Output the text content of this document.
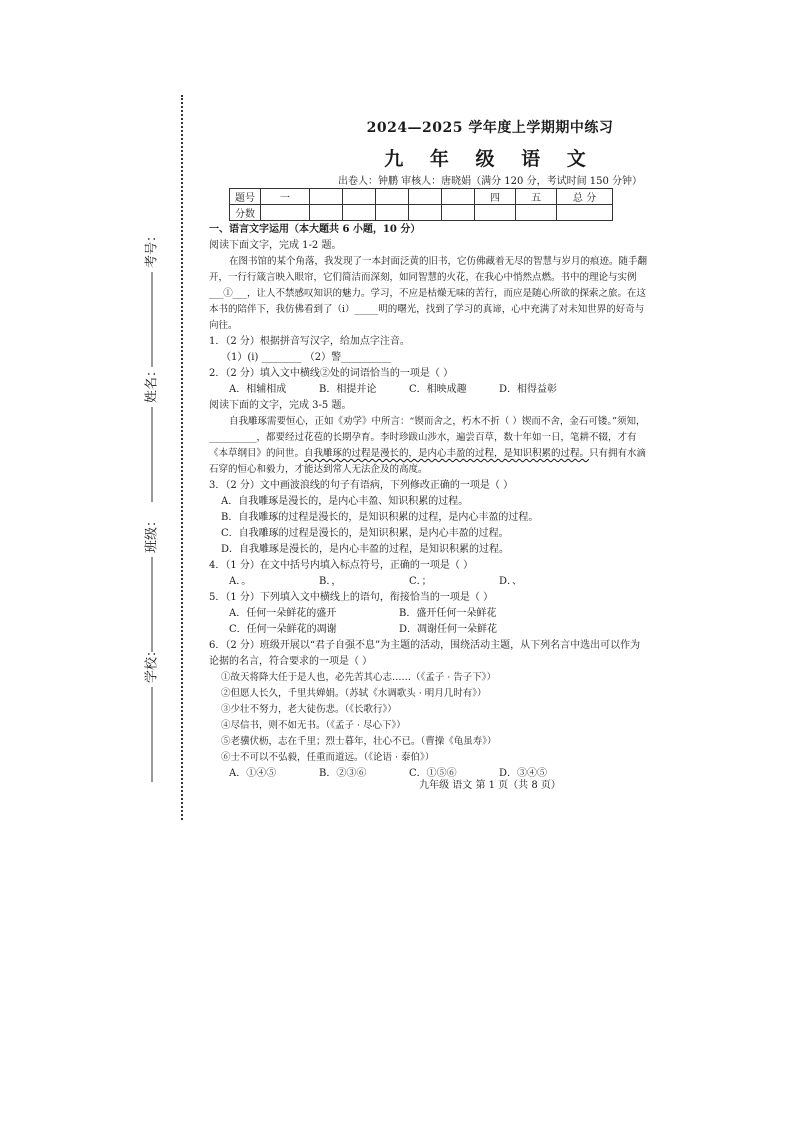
考号：
姓名：
班级：
学校：
2024—2025 学年度上学期期中练习
九 年 级 语 文
出卷人：钟鹏 审核人：唐晓娟（满分 120 分，考试时间 150 分钟）
题号	一						四	五	总 分
分数									

一、语言文字运用（本大题共 6 小题，10 分）

阅读下面文字，完成 1-2 题。

在图书馆的某个角落，我发现了一本封面泛黄的旧书，它仿佛藏着无尽的智慧与岁月的痕迹。随手翻开，一行行箴言映入眼帘，它们简洁而深刻，如同智慧的火花，在我心中悄然点燃。书中的理论与实例___①___，让人不禁感叹知识的魅力。学习，不应是枯燥无味的苦行，而应是随心所欲的探索之旅。在这本书的陪伴下，我仿佛看到了（ⅰ）_____明的曙光，找到了学习的真谛，心中充满了对未知世界的好奇与向往。

1．（2 分）根据拼音写汉字，给加点字注音。

（1）(ⅰ) ________ （2）警__________

2．（2 分）填入文中横线②处的词语恰当的一项是（ ）

A．相辅相成	B．相提并论	C．相映成趣	D．相得益彰

阅读下面的文字，完成 3-5 题。

自我雕琢需要恒心，正如《劝学》中所言：“锲而舍之，朽木不折（ ）锲而不舍，金石可镂。”须知，__________，都要经过花苞的长期孕育。李时珍跋山涉水，遍尝百草，数十年如一日，笔耕不辍，才有《本草纲目》的问世。自我雕琢的过程是漫长的，是内心丰盈的过程，是知识积累的过程。只有拥有水滴石穿的恒心和毅力，才能达到常人无法企及的高度。

3．（2 分）文中画波浪线的句子有语病，下列修改正确的一项是（ ）

A．自我雕琢是漫长的，是内心丰盈、知识积累的过程。

B．自我雕琢的过程是漫长的，是知识积累的过程，是内心丰盈的过程。

C．自我雕琢的过程是漫长的，是知识积累，是内心丰盈的过程。

D．自我雕琢是漫长的，是内心丰盈的过程，是知识积累的过程。

4．（1 分）在文中括号内填入标点符号，正确的一项是（ ）

A．。	B．，	C．；	D．、

5．（1 分）下列填入文中横线上的语句，衔接恰当的一项是（ ）

A．任何一朵鲜花的盛开	B．盛开任何一朵鲜花
C．任何一朵鲜花的凋谢	D．凋谢任何一朵鲜花

6．（2 分）班级开展以“君子自强不息”为主题的活动，围绕活动主题，从下列名言中选出可以作为论据的名言，符合要求的一项是（ ）

①故天将降大任于是人也，必先苦其心志……（《孟子 · 告子下》）

②但愿人长久，千里共婵娟。（苏轼《水调歌头 · 明月几时有》）

③少壮不努力，老大徒伤悲。（《长歌行》）

④尽信书，则不如无书。（《孟子 · 尽心下》）

⑤老骥伏枥，志在千里；烈士暮年，壮心不已。（曹操《龟虽寿》）

⑥士不可以不弘毅，任重而道远。（《论语 · 泰伯》）

A．①④⑤	B．②③⑥	C．①⑤⑥	D．③④⑤
九年级 语文 第 1 页（共 8 页）
